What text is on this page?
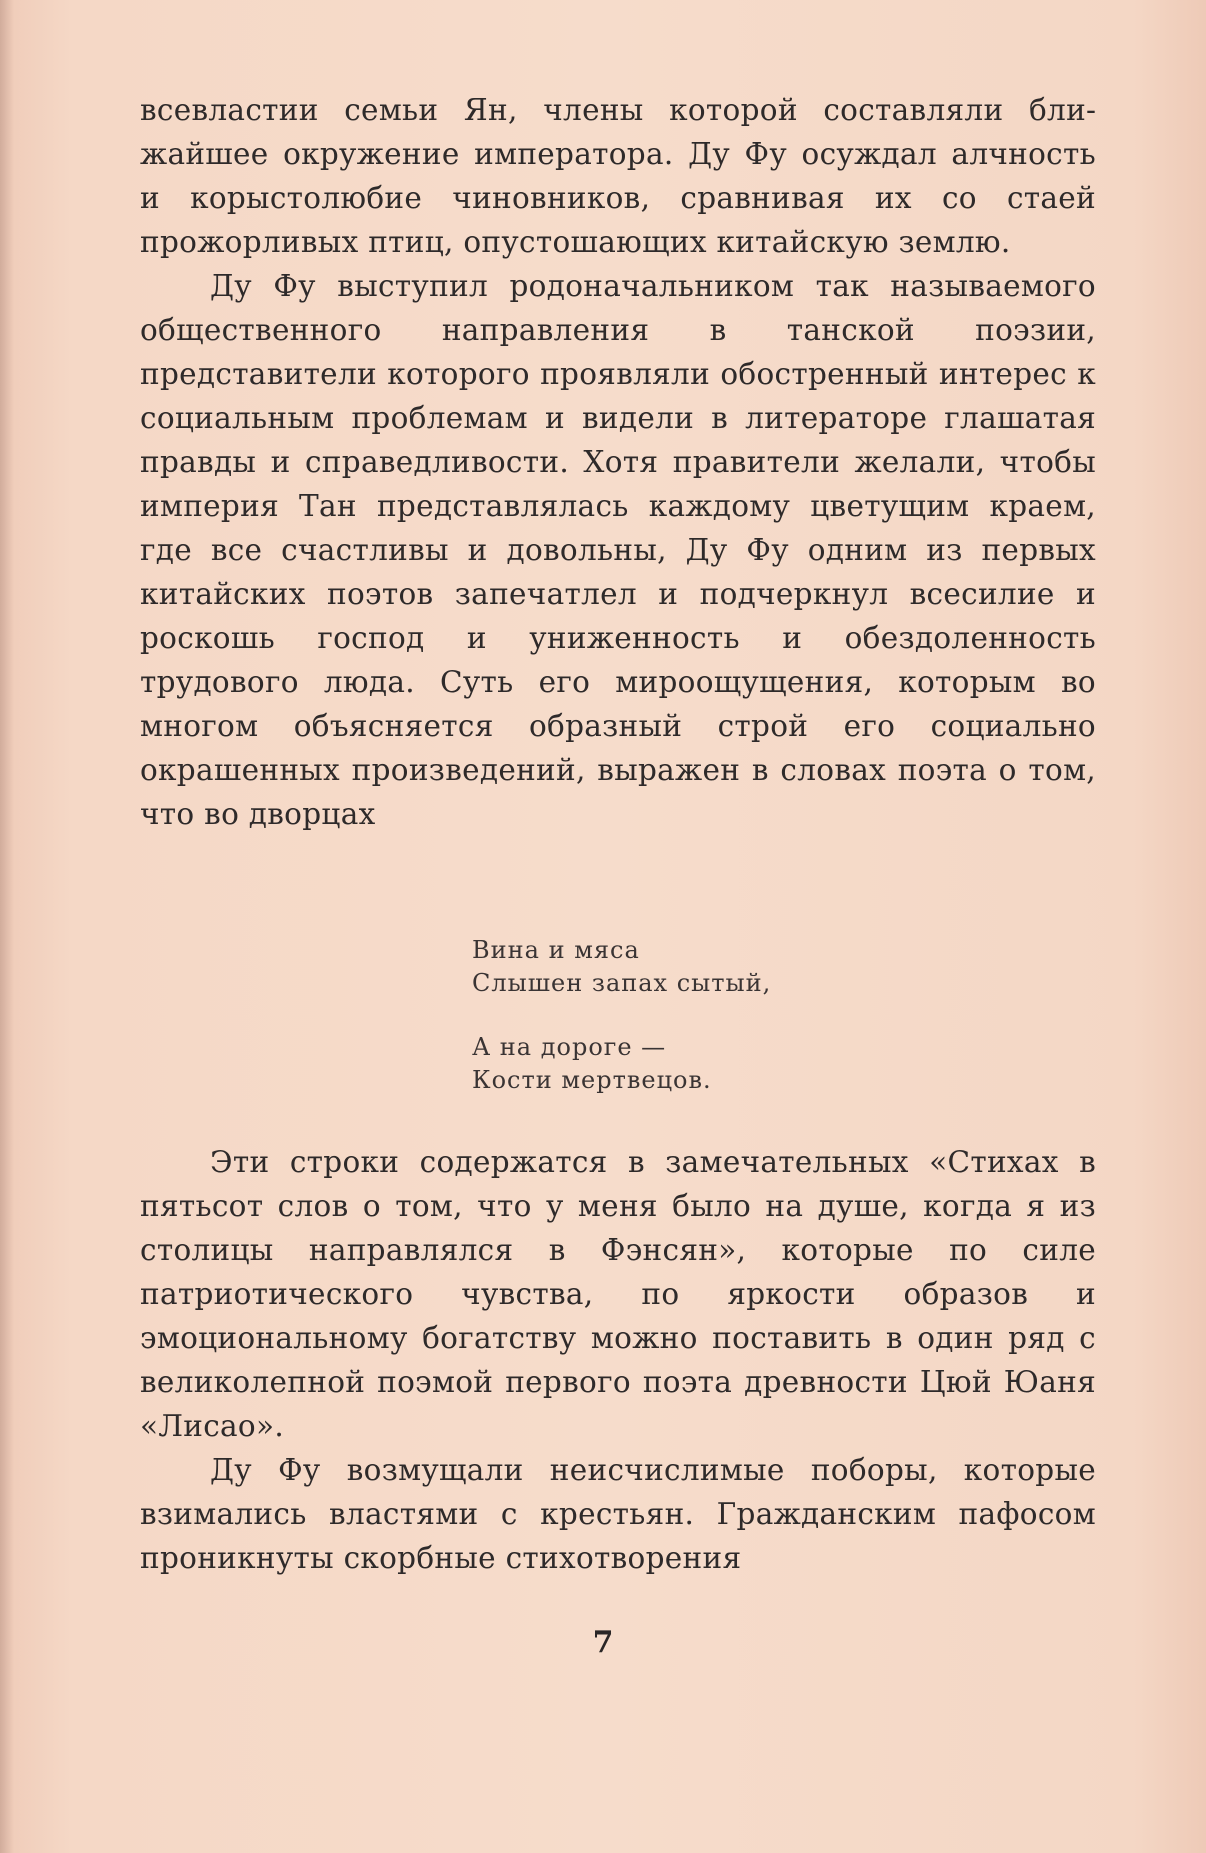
всевластии семьи Ян, члены которой составляли ближайшее окружение императора. Ду Фу осуждал алчность и корыстолюбие чиновников, сравнивая их со стаей прожорливых птиц, опустошающих китайскую землю.

Ду Фу выступил родоначальником так называемого общественного направления в танской поэзии, представители которого проявляли обостренный интерес к социальным проблемам и видели в литераторе глашатая правды и справедливости. Хотя правители желали, чтобы империя Тан представлялась каждому цветущим краем, где все счастливы и довольны, Ду Фу одним из первых китайских поэтов запечатлел и подчеркнул всесилие и роскошь господ и униженность и обездоленность трудового люда. Суть его мироощущения, которым во многом объясняется образный строй его социально окрашенных произведений, выражен в словах поэта о том, что во дворцах

Вина и мяса
Слышен запах сытый,
А на дороге —
Кости мертвецов.

Эти строки содержатся в замечательных «Стихах в пятьсот слов о том, что у меня было на душе, когда я из столицы направлялся в Фэнсян», которые по силе патриотического чувства, по яркости образов и эмоциональному богатству можно поставить в один ряд с великолепной поэмой первого поэта древности Цюй Юаня «Лисао».

Ду Фу возмущали неисчислимые поборы, которые взимались властями с крестьян. Гражданским пафосом проникнуты скорбные стихотворения

7
